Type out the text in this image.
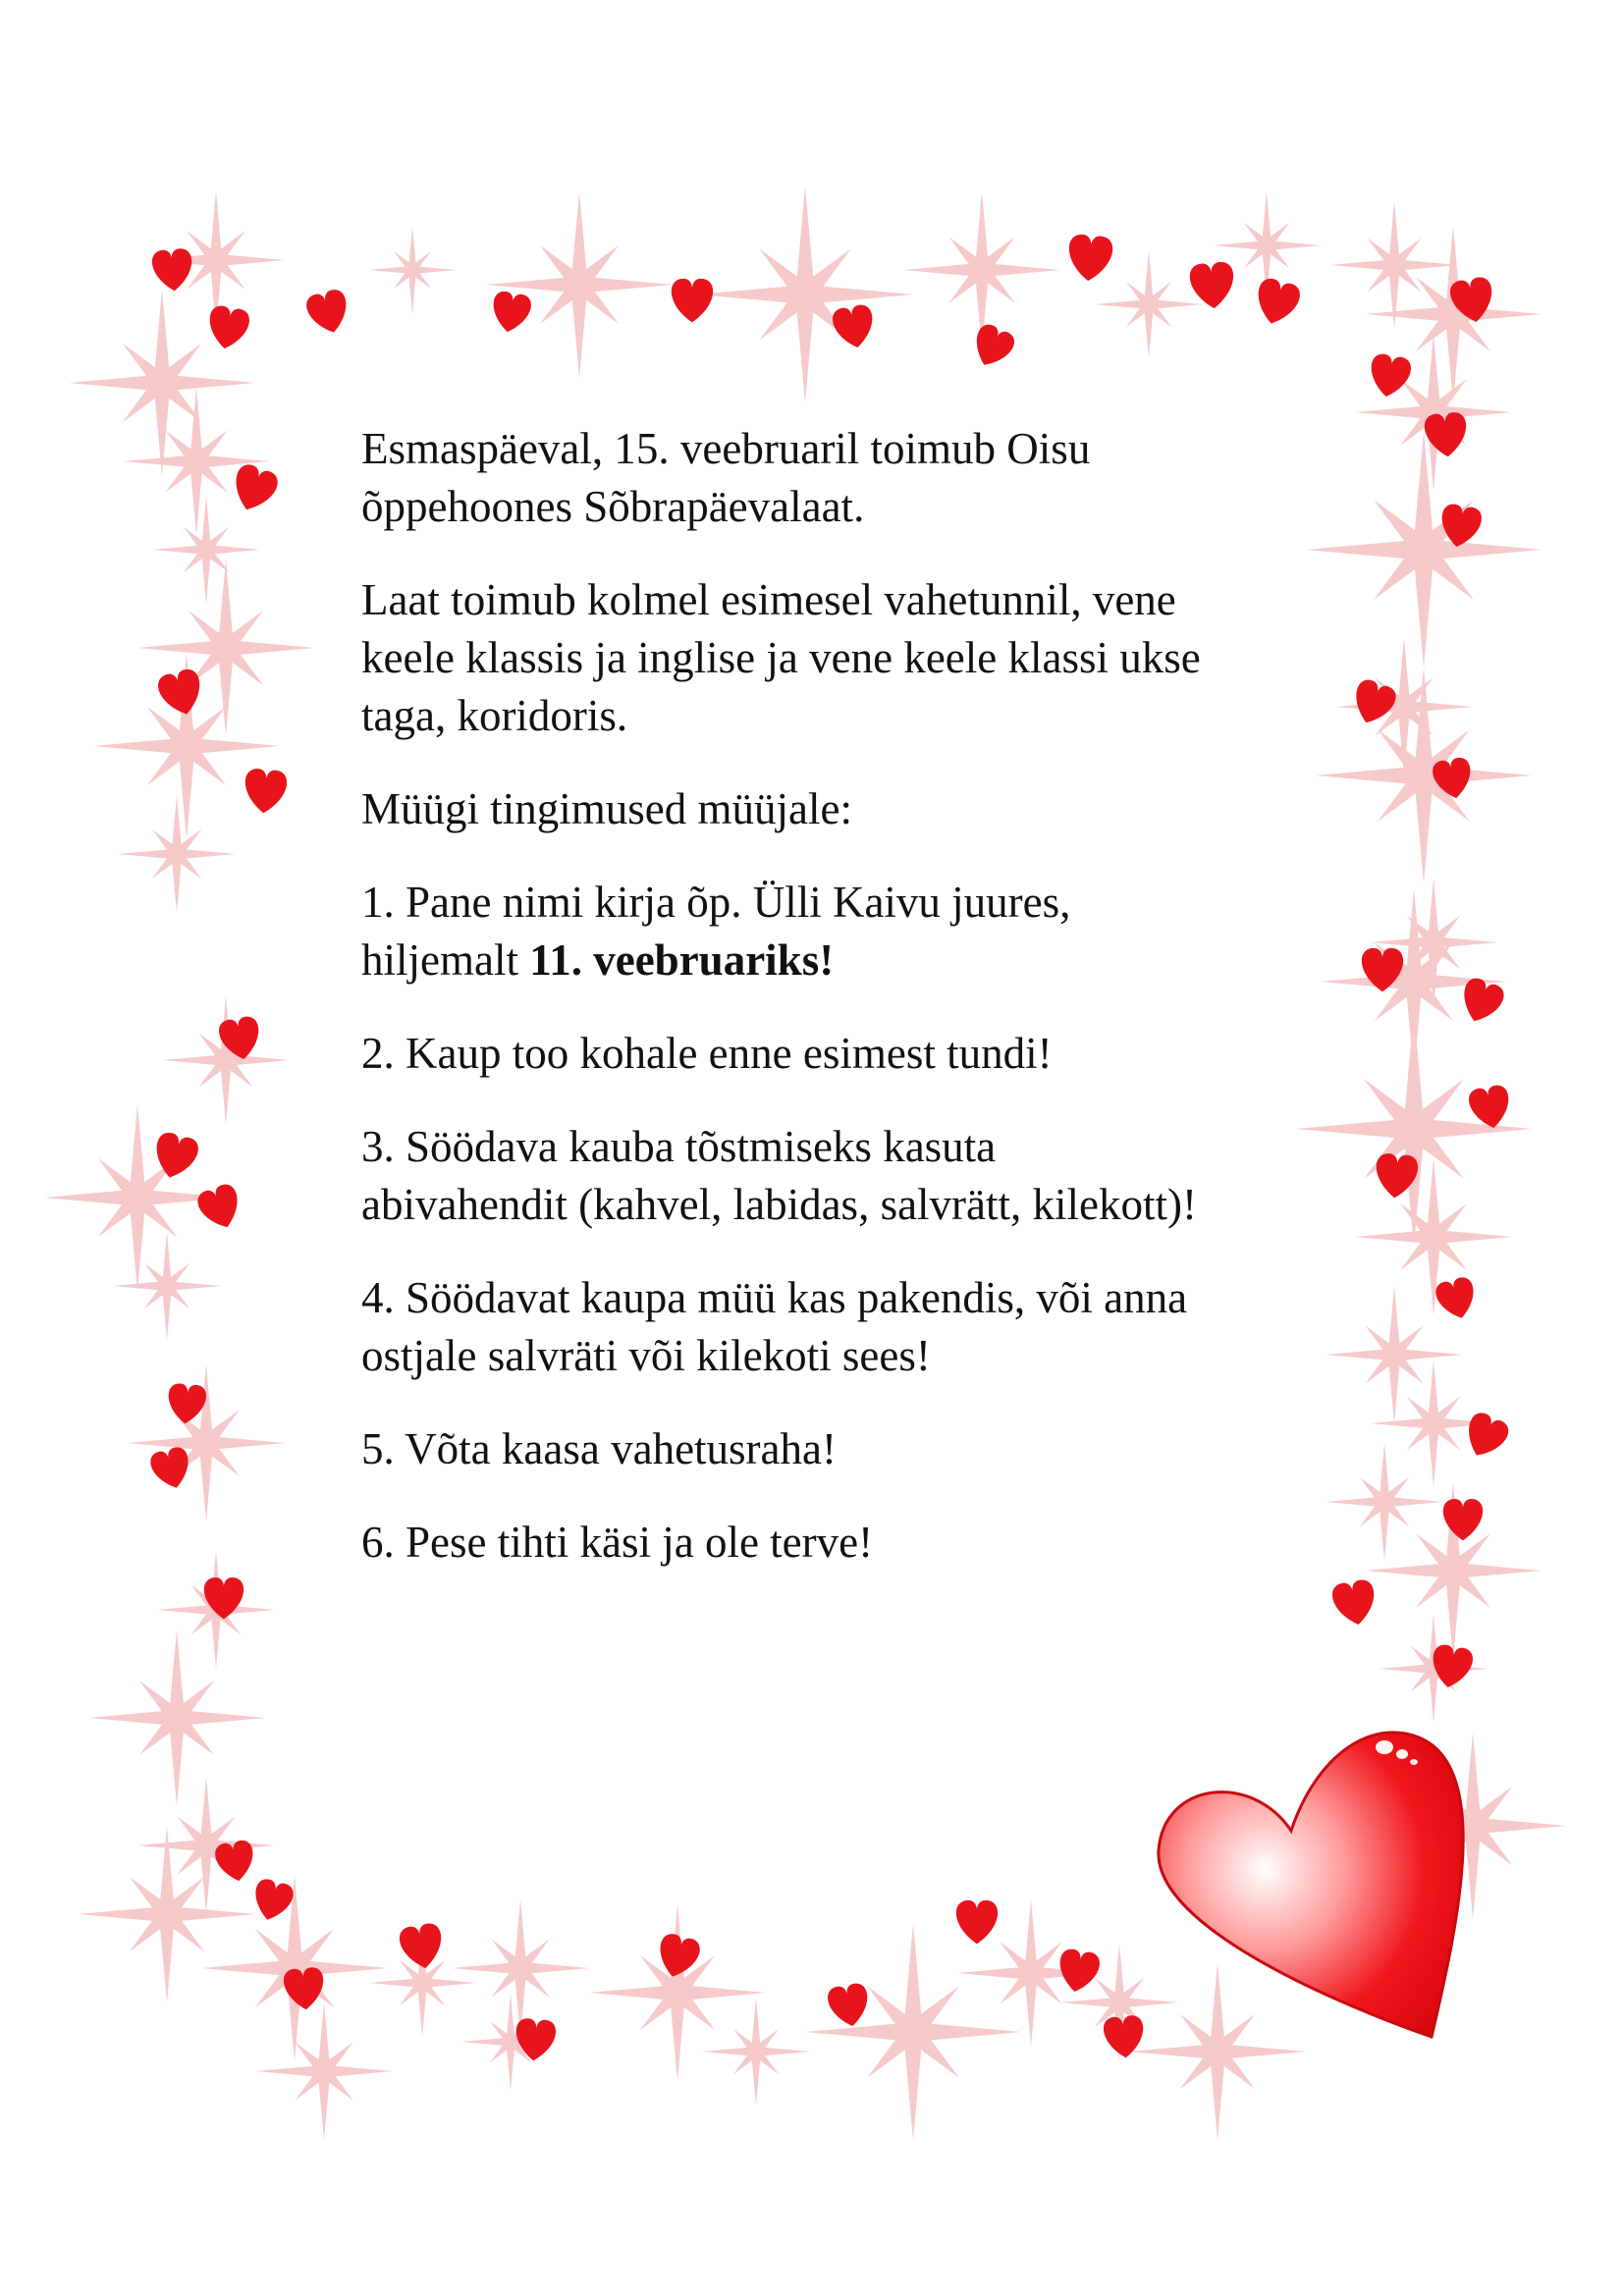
Esmaspäeval, 15. veebruaril toimub Oisu
õppehoones Sõbrapäevalaat.

Laat toimub kolmel esimesel vahetunnil, vene
keele klassis ja inglise ja vene keele klassi ukse
taga, koridoris.

Müügi tingimused müüjale:

1. Pane nimi kirja õp. Ülli Kaivu juures,
hiljemalt 11. veebruariks!

2. Kaup too kohale enne esimest tundi!

3. Söödava kauba tõstmiseks kasuta
abivahendit (kahvel, labidas, salvrätt, kilekott)!

4. Söödavat kaupa müü kas pakendis, või anna
ostjale salvräti või kilekoti sees!

5. Võta kaasa vahetusraha!

6. Pese tihti käsi ja ole terve!
